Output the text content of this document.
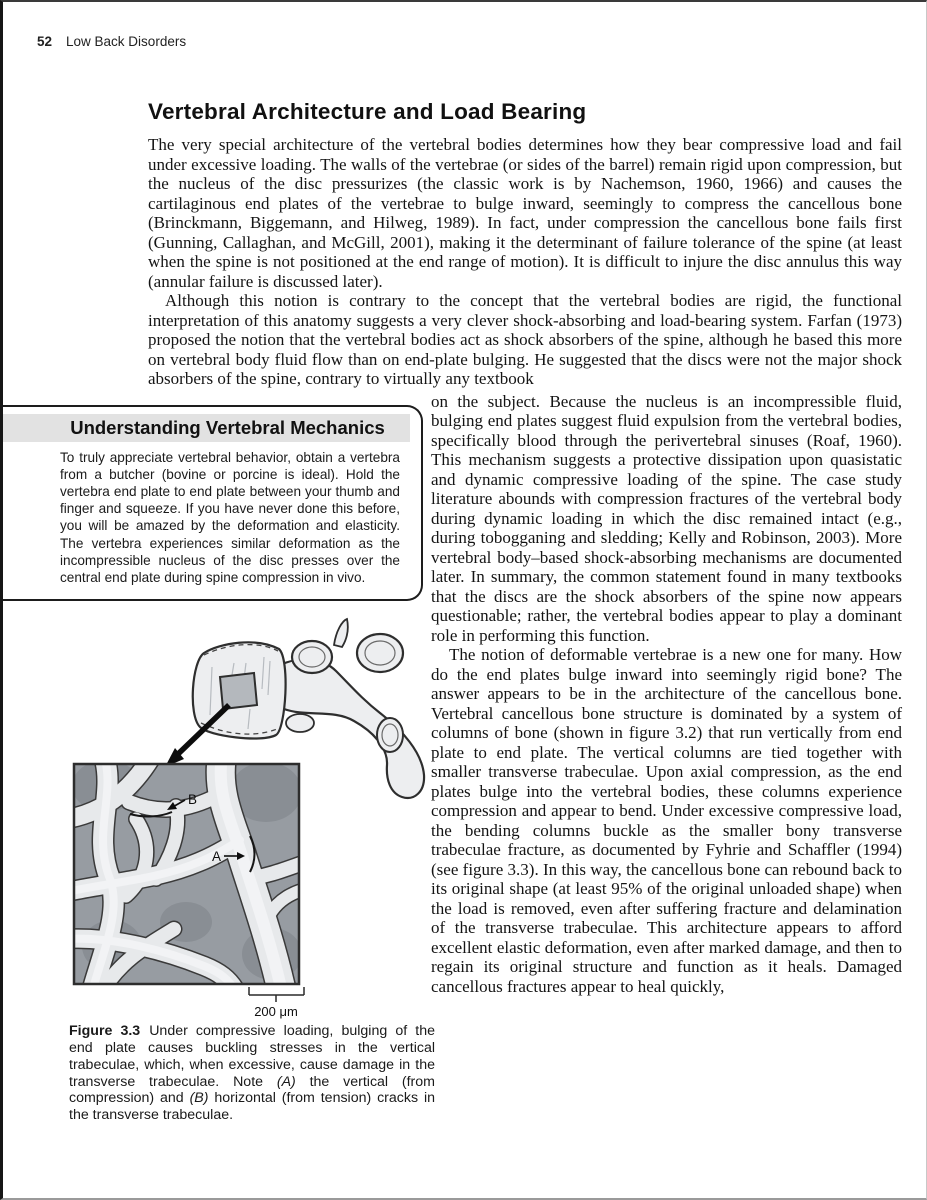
52 Low Back Disorders
Vertebral Architecture and Load Bearing

The very special architecture of the vertebral bodies determines how they bear compressive load and fail under excessive loading. The walls of the vertebrae (or sides of the barrel) remain rigid upon compression, but the nucleus of the disc pressurizes (the classic work is by Nachemson, 1960, 1966) and causes the cartilaginous end plates of the vertebrae to bulge inward, seemingly to compress the cancellous bone (Brinckmann, Biggemann, and Hilweg, 1989). In fact, under compression the cancellous bone fails first (Gunning, Callaghan, and McGill, 2001), making it the determinant of failure tolerance of the spine (at least when the spine is not positioned at the end range of motion). It is difficult to injure the disc annulus this way (annular failure is discussed later).

Although this notion is contrary to the concept that the vertebral bodies are rigid, the functional interpretation of this anatomy suggests a very clever shock-absorbing and load-bearing system. Farfan (1973) proposed the notion that the vertebral bodies act as shock absorbers of the spine, although he based this more on vertebral body fluid flow than on end-plate bulging. He suggested that the discs were not the major shock absorbers of the spine, contrary to virtually any textbook

Understanding Vertebral Mechanics
To truly appreciate vertebral behavior, obtain a vertebra from a butcher (bovine or porcine is ideal). Hold the vertebra end plate to end plate between your thumb and finger and squeeze. If you have never done this before, you will be amazed by the deformation and elasticity. The vertebra experiences similar deformation as the incompressible nucleus of the disc presses over the central end plate during spine compression in vivo.
B
A
200 μm

Figure 3.3 Under compressive loading, bulging of the end plate causes buckling stresses in the vertical trabeculae, which, when excessive, cause damage in the transverse trabeculae. Note (A) the vertical (from compression) and (B) horizontal (from tension) cracks in the transverse trabeculae.

on the subject. Because the nucleus is an incompressible fluid, bulging end plates suggest fluid expulsion from the vertebral bodies, specifically blood through the perivertebral sinuses (Roaf, 1960). This mechanism suggests a protective dissipation upon quasistatic and dynamic compressive loading of the spine. The case study literature abounds with compression fractures of the vertebral body during dynamic loading in which the disc remained intact (e.g., during tobogganing and sledding; Kelly and Robinson, 2003). More vertebral body–based shock-absorbing mechanisms are documented later. In summary, the common statement found in many textbooks that the discs are the shock absorbers of the spine now appears questionable; rather, the vertebral bodies appear to play a dominant role in performing this function.

The notion of deformable vertebrae is a new one for many. How do the end plates bulge inward into seemingly rigid bone? The answer appears to be in the architecture of the cancellous bone. Vertebral cancellous bone structure is dominated by a system of columns of bone (shown in figure 3.2) that run vertically from end plate to end plate. The vertical columns are tied together with smaller transverse trabeculae. Upon axial compression, as the end plates bulge into the vertebral bodies, these columns experience compression and appear to bend. Under excessive compressive load, the bending columns buckle as the smaller bony transverse trabeculae fracture, as documented by Fyhrie and Schaffler (1994) (see figure 3.3). In this way, the cancellous bone can rebound back to its original shape (at least 95% of the original unloaded shape) when the load is removed, even after suffering fracture and delamination of the transverse trabeculae. This architecture appears to afford excellent elastic deformation, even after marked damage, and then to regain its original structure and function as it heals. Damaged cancellous fractures appear to heal quickly,
